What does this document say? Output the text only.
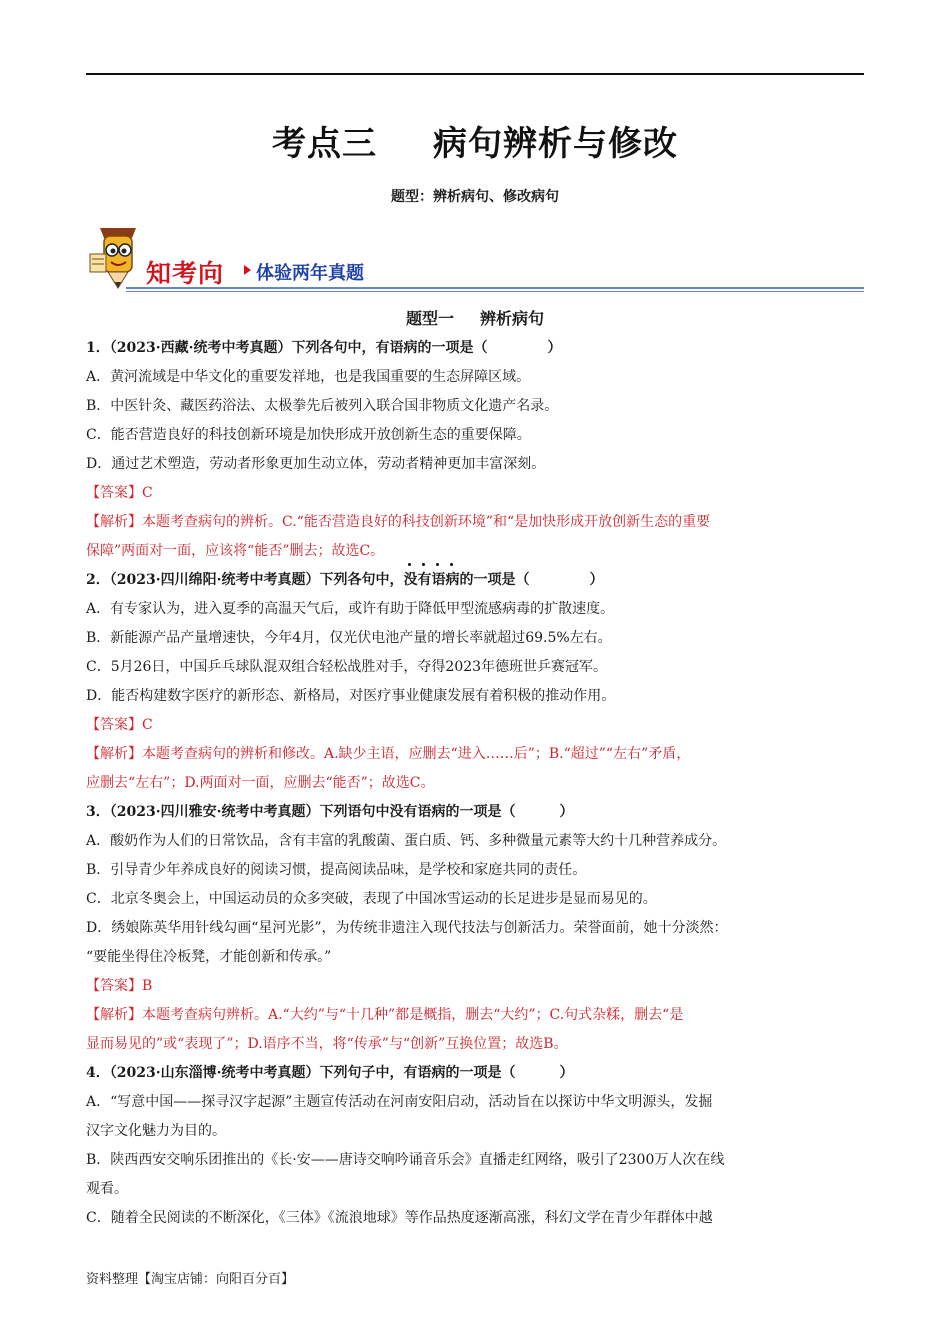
考点三 病句辨析与修改
题型：辨析病句、修改病句
知考向 体验两年真题
题型一 辨析病句
1．（2023·西藏·统考中考真题）下列各句中，有语病的一项是（	）
A．黄河流域是中华文化的重要发祥地，也是我国重要的生态屏障区域。
B．中医针灸、藏医药浴法、太极拳先后被列入联合国非物质文化遗产名录。
C．能否营造良好的科技创新环境是加快形成开放创新生态的重要保障。
D．通过艺术塑造，劳动者形象更加生动立体，劳动者精神更加丰富深刻。
【答案】C
【解析】本题考查病句的辨析。C.“能否营造良好的科技创新环境”和“是加快形成开放创新生态的重要
保障”两面对一面，应该将“能否”删去；故选C。
2．（2023·四川绵阳·统考中考真题）下列各句中，
没有语病的一项是（	）
A．有专家认为，进入夏季的高温天气后，或许有助于降低甲型流感病毒的扩散速度。
B．新能源产品产量增速快，今年4月，仅光伏电池产量的增长率就超过69.5%左右。
C．5月26日，中国乒乓球队混双组合轻松战胜对手，夺得2023年德班世乒赛冠军。
D．能否构建数字医疗的新形态、新格局，对医疗事业健康发展有着积极的推动作用。
【答案】C
【解析】本题考查病句的辨析和修改。A.缺少主语，应删去“进入……后”；B.“超过”“左右”矛盾，
应删去“左右”；D.两面对一面，应删去“能否”；故选C。
3．（2023·四川雅安·统考中考真题）下列语句中没有语病的一项是（	）
A．酸奶作为人们的日常饮品，含有丰富的乳酸菌、蛋白质、钙、多种微量元素等大约十几种营养成分。
B．引导青少年养成良好的阅读习惯，提高阅读品味，是学校和家庭共同的责任。
C．北京冬奥会上，中国运动员的众多突破，表现了中国冰雪运动的长足进步是显而易见的。
D．绣娘陈英华用针线勾画“星河光影”，为传统非遗注入现代技法与创新活力。荣誉面前，她十分淡然：
“要能坐得住冷板凳，才能创新和传承。”
【答案】B
【解析】本题考查病句辨析。A.“大约”与“十几种”都是概指，删去“大约”；C.句式杂糅，删去“是
显而易见的”或“表现了”；D.语序不当，将“传承”与“创新”互换位置；故选B。
4．（2023·山东淄博·统考中考真题）下列句子中，有语病的一项是（	）
A．“写意中国——探寻汉字起源”主题宣传活动在河南安阳启动，活动旨在以探访中华文明源头，发掘
汉字文化魅力为目的。
B．陕西西安交响乐团推出的《长·安——唐诗交响吟诵音乐会》直播走红网络，吸引了2300万人次在线
观看。
C．随着全民阅读的不断深化，《三体》《流浪地球》等作品热度逐渐高涨，科幻文学在青少年群体中越
资料整理【淘宝店铺：向阳百分百】
